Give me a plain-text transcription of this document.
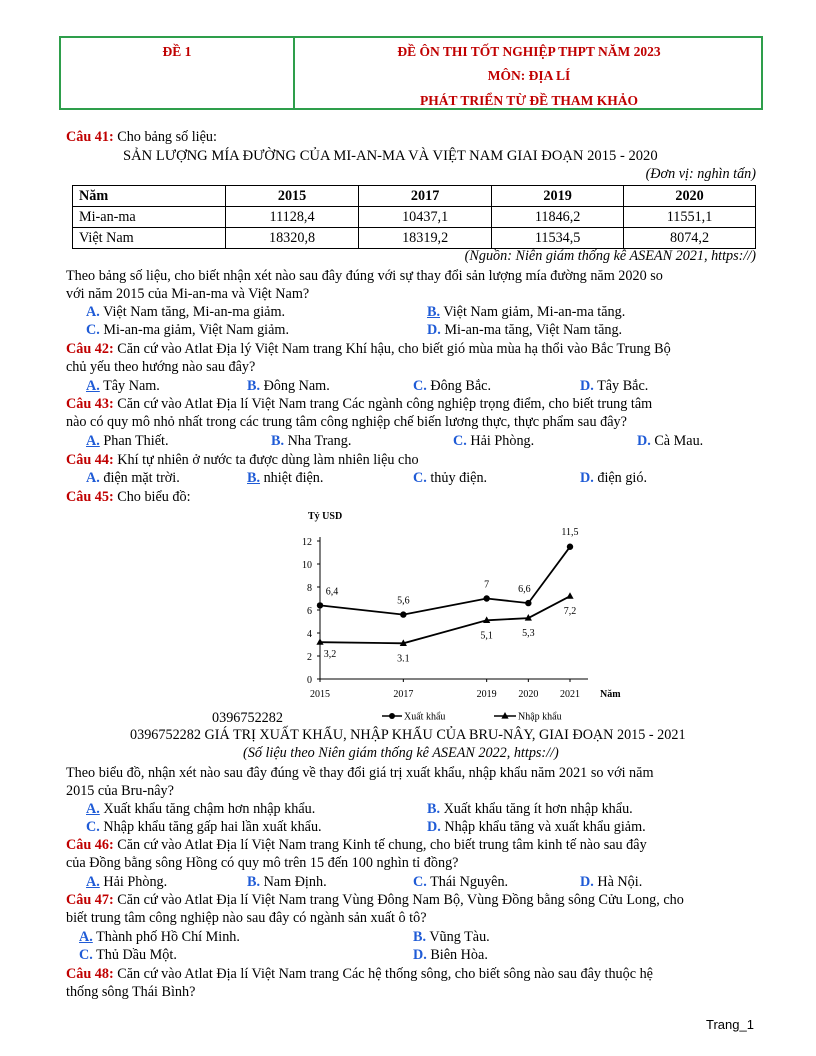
ĐỀ 1	ĐỀ ÔN THI TỐT NGHIỆP THPT NĂM 2023
MÔN: ĐỊA LÍ
PHÁT TRIỂN TỪ ĐỀ THAM KHẢO
Câu 41: Cho bảng số liệu:
SẢN LƯỢNG MÍA ĐƯỜNG CỦA MI-AN-MA VÀ VIỆT NAM GIAI ĐOẠN 2015 - 2020
(Đơn vị: nghìn tấn)
Năm	2015	2017	2019	2020
Mi-an-ma	11128,4	10437,1	11846,2	11551,1
Việt Nam	18320,8	18319,2	11534,5	8074,2
(Nguồn: Niên giám thống kê ASEAN 2021, https://)
Theo bảng số liệu, cho biết nhận xét nào sau đây đúng với sự thay đổi sản lượng mía đường năm 2020 so
với năm 2015 của Mi-an-ma và Việt Nam?
A. Việt Nam tăng, Mi-an-ma giảm.	B. Việt Nam giảm, Mi-an-ma tăng.
C. Mi-an-ma giảm, Việt Nam giảm.	D. Mi-an-ma tăng, Việt Nam tăng.
Câu 42: Căn cứ vào Atlat Địa lý Việt Nam trang Khí hậu, cho biết gió mùa mùa hạ thổi vào Bắc Trung Bộ
chủ yếu theo hướng nào sau đây?
A. Tây Nam.	B. Đông Nam.	C. Đông Bắc.	D. Tây Bắc.
Câu 43: Căn cứ vào Atlat Địa lí Việt Nam trang Các ngành công nghiệp trọng điểm, cho biết trung tâm
nào có quy mô nhỏ nhất trong các trung tâm công nghiệp chế biến lương thực, thực phẩm sau đây?
A. Phan Thiết.	B. Nha Trang.	C. Hải Phòng.	D. Cà Mau.
Câu 44: Khí tự nhiên ở nước ta được dùng làm nhiên liệu cho
A. điện mặt trời.	B. nhiệt điện.	C. thủy điện.	D. điện gió.
Câu 45: Cho biểu đồ:
0
2
4
6
8
10
12
2015	2017	2019 2020 2021
Tỷ USD
Năm
6,4
5,6
7	6,6
11,5
3,2	3.1
5,1	5,3
7,2
Xuất khẩu	Nhập khẩu
0396752282
0396752282 GIÁ TRỊ XUẤT KHẨU, NHẬP KHẨU CỦA BRU-NÂY, GIAI ĐOẠN 2015 - 2021
(Số liệu theo Niên giám thống kê ASEAN 2022, https://)
Theo biểu đồ, nhận xét nào sau đây đúng về thay đổi giá trị xuất khẩu, nhập khẩu năm 2021 so với năm
2015 của Bru-nây?
A. Xuất khẩu tăng chậm hơn nhập khẩu.	B. Xuất khẩu tăng ít hơn nhập khẩu.
C. Nhập khẩu tăng gấp hai lần xuất khẩu.	D. Nhập khẩu tăng và xuất khẩu giảm.
Câu 46: Căn cứ vào Atlat Địa lí Việt Nam trang Kinh tế chung, cho biết trung tâm kinh tế nào sau đây
của Đồng bằng sông Hồng có quy mô trên 15 đến 100 nghìn tỉ đồng?
A. Hải Phòng.	B. Nam Định.	C. Thái Nguyên.	D. Hà Nội.
Câu 47: Căn cứ vào Atlat Địa lí Việt Nam trang Vùng Đông Nam Bộ, Vùng Đồng bằng sông Cửu Long, cho
biết trung tâm công nghiệp nào sau đây có ngành sản xuất ô tô?
A. Thành phố Hồ Chí Minh.	B. Vũng Tàu.
C. Thủ Dầu Một.	D. Biên Hòa.
Câu 48: Căn cứ vào Atlat Địa lí Việt Nam trang Các hệ thống sông, cho biết sông nào sau đây thuộc hệ
thống sông Thái Bình?
Trang_1
